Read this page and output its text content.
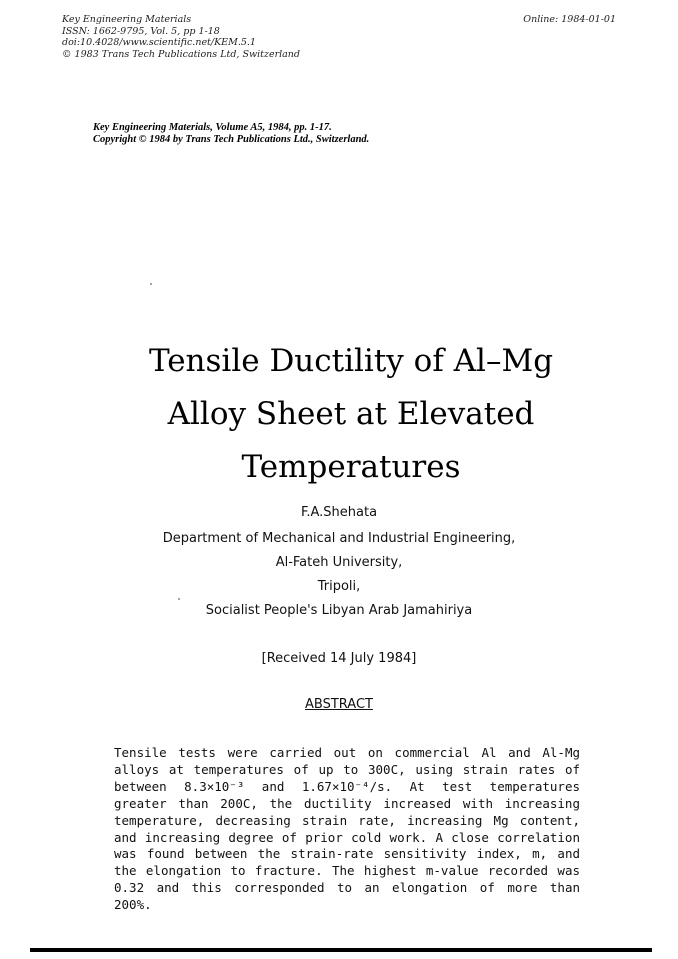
Key Engineering Materials
ISSN: 1662-9795, Vol. 5, pp 1-18
doi:10.4028/www.scientific.net/KEM.5.1
© 1983 Trans Tech Publications Ltd, Switzerland
Online: 1984-01-01
Key Engineering Materials, Volume A5, 1984, pp. 1-17.
Copyright © 1984 by Trans Tech Publications Ltd., Switzerland.
Tensile Ductility of Al–Mg
Alloy Sheet at Elevated
Temperatures
F.A.Shehata
Department of Mechanical and Industrial Engineering,
Al-Fateh University,
Tripoli,
Socialist People's Libyan Arab Jamahiriya
[Received 14 July 1984]
ABSTRACT

Tensile tests were carried out on commercial Al and Al-Mg alloys at temperatures of up to 300C, using strain rates of between 8.3×10⁻³ and 1.67×10⁻⁴/s. At test temperatures greater than 200C, the ductility increased with increasing temperature, decreasing strain rate, increasing Mg content, and increasing degree of prior cold work. A close correlation was found between the strain-rate sensitivity index, m, and the elongation to fracture. The highest m-value recorded was 0.32 and this corresponded to an elongation of more than 200%.
